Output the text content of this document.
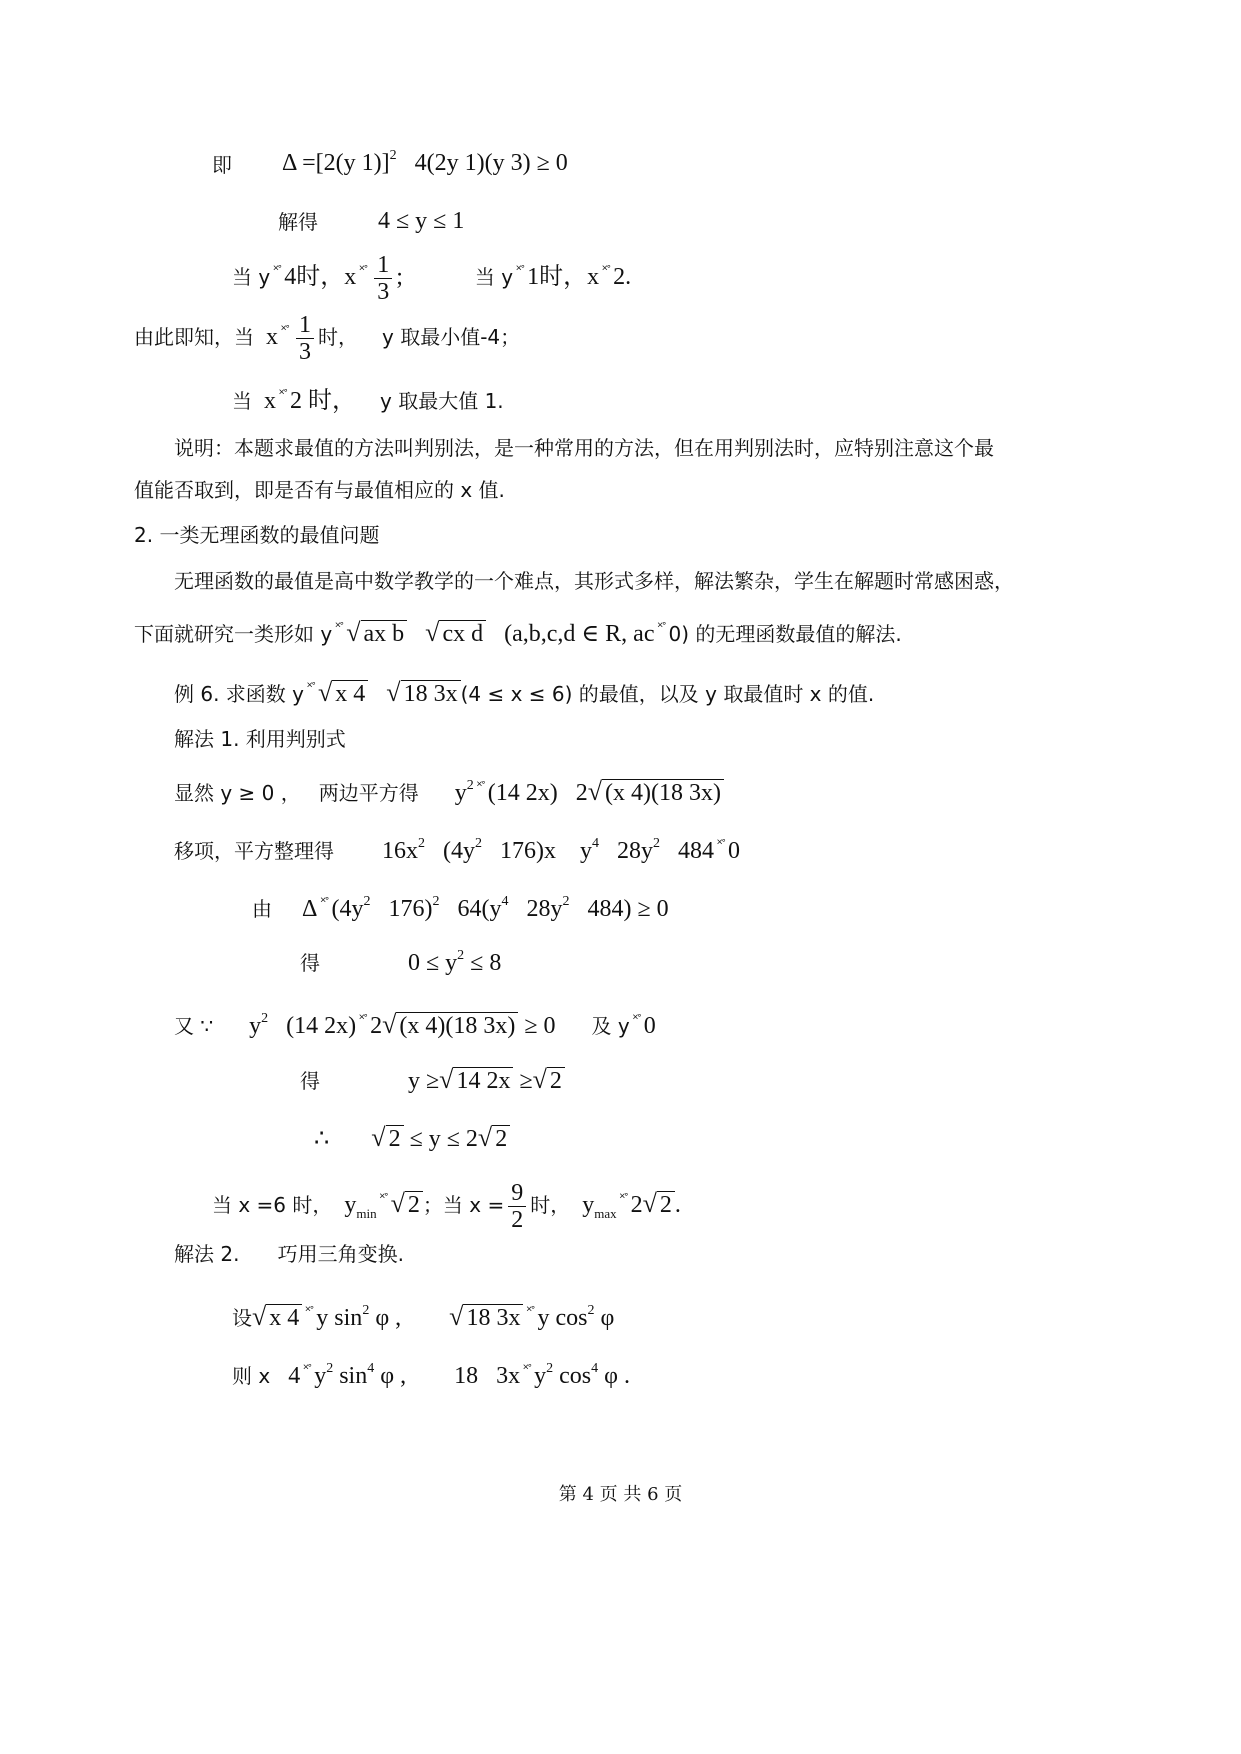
即 Δ =[2(y 1)]$^2$ 4(2y 1)(y 3) ≥ 0
解得	4 ≤ y ≤ 1
当 y ˟˚ 4时，x $^{˟˚} \frac{1}{3}$ ;	当 y ˟˚ 1时，x ˟˚ 2.
由此即知，当 x $^{˟˚} \frac{1}{3}$ 时， y 取最小值-4；
当 x ˟˚ 2 时， y 取最大值 1.
说明：本题求最值的方法叫判别法，是一种常用的方法，但在用判别法时，应特别注意这个最
值能否取到，即是否有与最值相应的 x 值.
2. 一类无理函数的最值问题
无理函数的最值是高中数学教学的一个难点，其形式多样，解法繁杂，学生在解题时常感困惑，
下面就研究一类形如 y ˟˚ √ ax b √ cx d (a,b,c,d ∈ R, ac ˟˚ 0) 的无理函数最值的解法.
例 6. 求函数 y ˟˚ √ x 4 √ 18 3x (4 ≤ x ≤ 6) 的最值，以及 y 取最值时 x 的值.
解法 1. 利用判别式
显然 y ≥ 0 ， 两边平方得 $y^2$ ˟˚ (14 2x) 2√ (x 4)(18 3x)
移项，平方整理得 $16x^2$ ($4y^2$ 176)x $y^4$ $28y^2$ 484 ˟˚ 0
由 Δ ˟˚ ($4y^2$ 176)$^2$ $64(y^4$ $28y^2$ 484) ≥ 0
得	$0 \le y^2 \le 8$
又 ∵ $y^2$ (14 2x) ˟˚ 2√ (x 4)(18 3x) ≥ 0 及 y ˟˚ 0
得	y ≥√ 14 2x ≥√ 2
∴ √ 2 ≤ y ≤ 2√ 2
当 x =6 时， $y_{min}^{˟˚}$ √ 2 ；当 $x = \frac{9}{2}$ 时， $y_{max}^{˟˚}$ 2√ 2 .
解法 2. 巧用三角变换.
设√ x 4 ˟˚ y $\sin^2 \varphi$ , √ 18 3x ˟˚ y $\cos^2 \varphi$
则 x 4 ˟˚ $y^2$ $\sin^4 \varphi$ , 18 3x ˟˚ $y^2$ $\cos^4 \varphi$ .
第 4 页 共 6 页
